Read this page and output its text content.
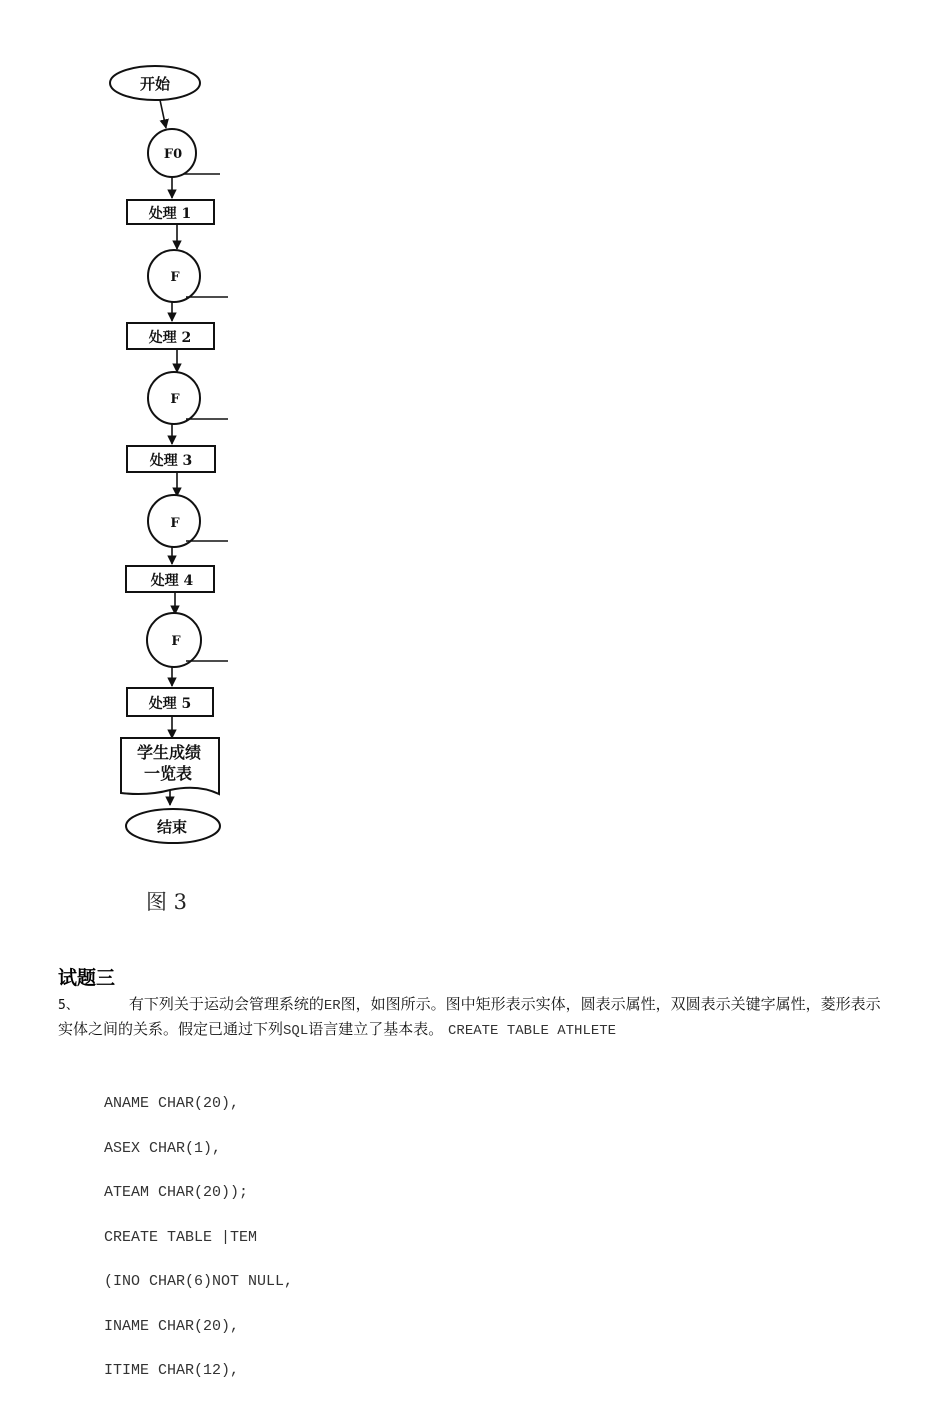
开始
F0
处理 1
F
处理 2
F
处理 3
F
处理 4
F
处理 5
学生成绩
一览表
结束
图 3
试题三
5、	有下列关于运动会管理系统的ER图，如图所示。图中矩形表示实体，圆表示属性，双圆表示关键字属性，菱形表示实体之间的关系。假定已通过下列SQL语言建立了基本表。 CREATE TABLE ATHLETE

ANAME CHAR(20),

ASEX CHAR(1),

ATEAM CHAR(20));

CREATE TABLE |TEM

(INO CHAR(6)NOT NULL,

INAME CHAR(20),

ITIME CHAR(12),
